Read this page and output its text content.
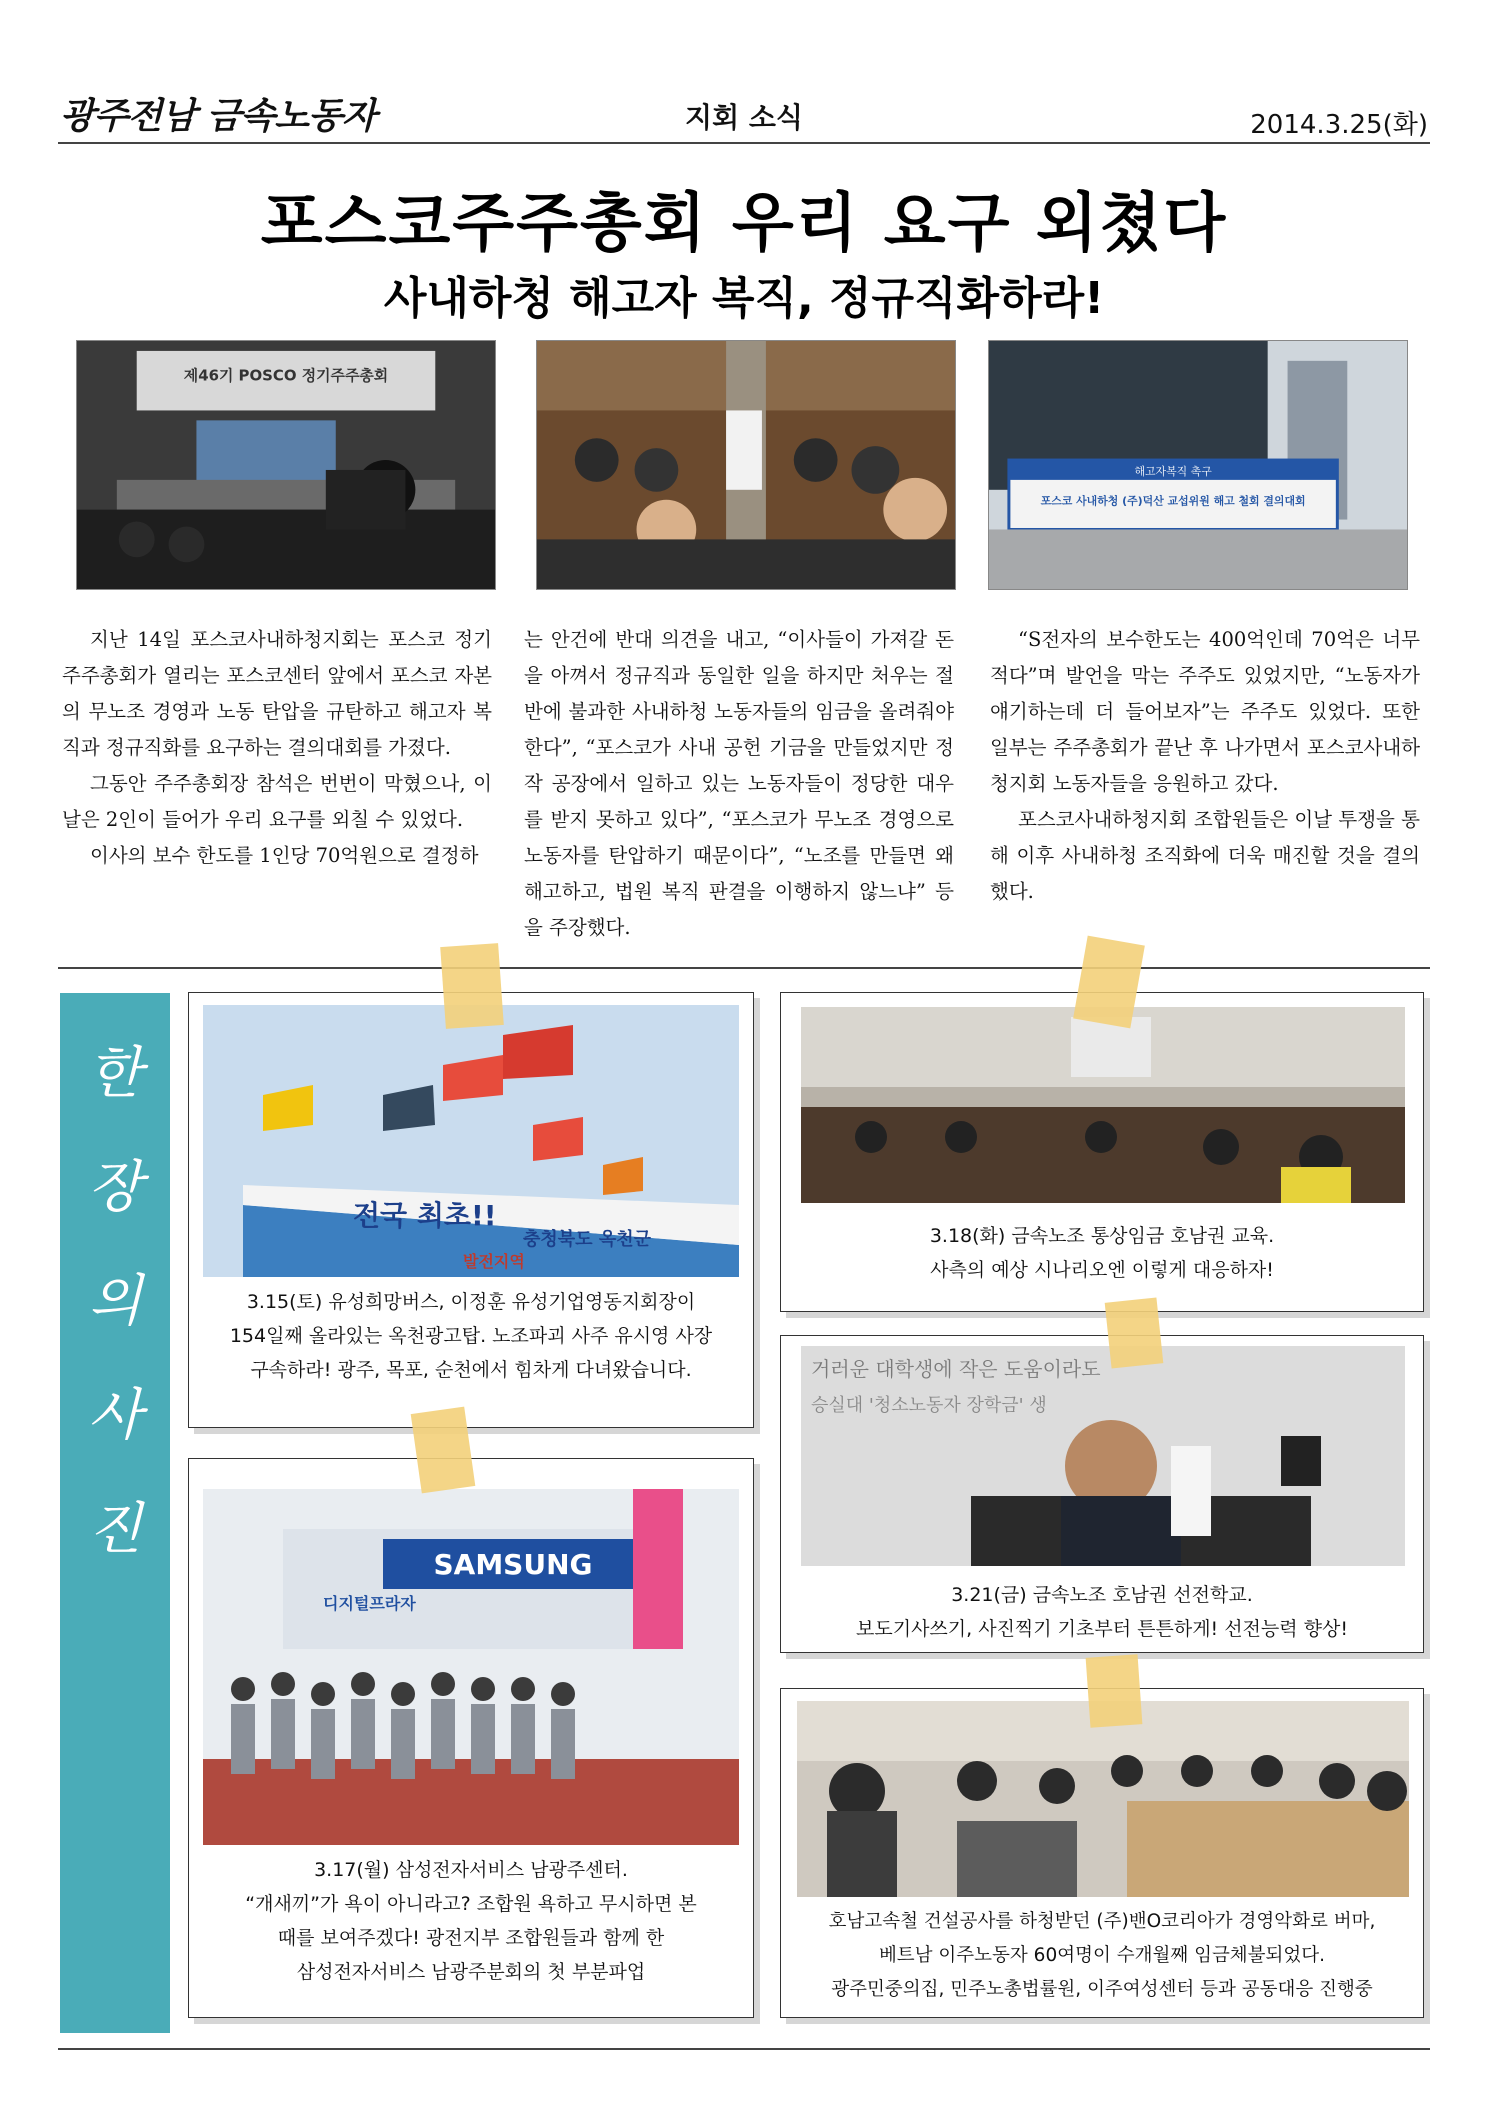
광주전남 금속노동자	지회 소식	2014.3.25(화)
포스코주주총회 우리 요구 외쳤다
사내하청 해고자 복직, 정규직화하라!
제46기 POSCO 정기주주총회
해고자복직 촉구
포스코 사내하청 (주)덕산 교섭위원 해고 철회 결의대회

지난 14일 포스코사내하청지회는 포스코 정기주주총회가 열리는 포스코센터 앞에서 포스코 자본의 무노조 경영과 노동 탄압을 규탄하고 해고자 복직과 정규직화를 요구하는 결의대회를 가졌다.

그동안 주주총회장 참석은 번번이 막혔으나, 이날은 2인이 들어가 우리 요구를 외칠 수 있었다.

이사의 보수 한도를 1인당 70억원으로 결정하

는 안건에 반대 의견을 내고, “이사들이 가져갈 돈을 아껴서 정규직과 동일한 일을 하지만 처우는 절반에 불과한 사내하청 노동자들의 임금을 올려줘야 한다”, “포스코가 사내 공헌 기금을 만들었지만 정작 공장에서 일하고 있는 노동자들이 정당한 대우를 받지 못하고 있다”, “포스코가 무노조 경영으로 노동자를 탄압하기 때문이다”, “노조를 만들면 왜 해고하고, 법원 복직 판결을 이행하지 않느냐” 등을 주장했다.

“S전자의 보수한도는 400억인데 70억은 너무 적다”며 발언을 막는 주주도 있었지만, “노동자가 얘기하는데 더 들어보자”는 주주도 있었다. 또한 일부는 주주총회가 끝난 후 나가면서 포스코사내하청지회 노동자들을 응원하고 갔다.

포스코사내하청지회 조합원들은 이날 투쟁을 통해 이후 사내하청 조직화에 더욱 매진할 것을 결의했다.

한
장
의
사
진
전국 최초!!
충청북도 옥천군
발전지역
3.15(토) 유성희망버스, 이정훈 유성기업영동지회장이
154일째 올라있는 옥천광고탑. 노조파괴 사주 유시영 사장
구속하라! 광주, 목포, 순천에서 힘차게 다녀왔습니다.
3.18(화) 금속노조 통상임금 호남권 교육.
사측의 예상 시나리오엔 이렇게 대응하자!
거러운 대학생에 작은 도움이라도
승실대 '청소노동자 장학금' 생
3.21(금) 금속노조 호남권 선전학교.
보도기사쓰기, 사진찍기 기초부터 튼튼하게! 선전능력 향상!
SAMSUNG
디지털프라자
3.17(월) 삼성전자서비스 남광주센터.
“개새끼”가 욕이 아니라고? 조합원 욕하고 무시하면 본
때를 보여주겠다! 광전지부 조합원들과 함께 한
삼성전자서비스 남광주분회의 첫 부분파업
호남고속철 건설공사를 하청받던 (주)밴O코리아가 경영악화로 버마,
베트남 이주노동자 60여명이 수개월째 임금체불되었다.
광주민중의집, 민주노총법률원, 이주여성센터 등과 공동대응 진행중
